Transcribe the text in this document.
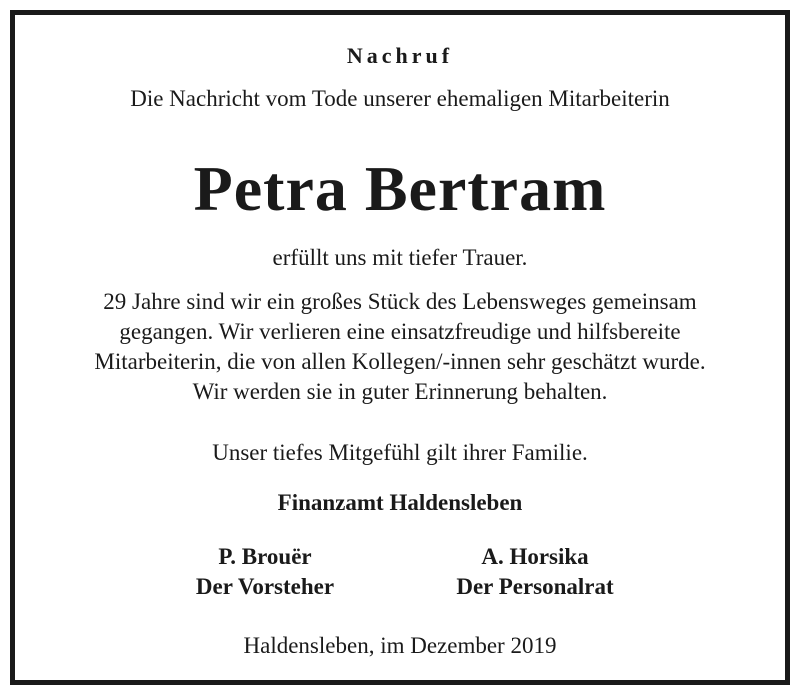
Nachruf
Die Nachricht vom Tode unserer ehemaligen Mitarbeiterin
Petra Bertram
erfüllt uns mit tiefer Trauer.
29 Jahre sind wir ein großes Stück des Lebensweges gemeinsam
gegangen. Wir verlieren eine einsatzfreudige und hilfsbereite
Mitarbeiterin, die von allen Kollegen/-innen sehr geschätzt wurde.
Wir werden sie in guter Erinnerung behalten.
Unser tiefes Mitgefühl gilt ihrer Familie.
Finanzamt Haldensleben
P. Brouër
Der Vorsteher
A. Horsika
Der Personalrat
Haldensleben, im Dezember 2019
